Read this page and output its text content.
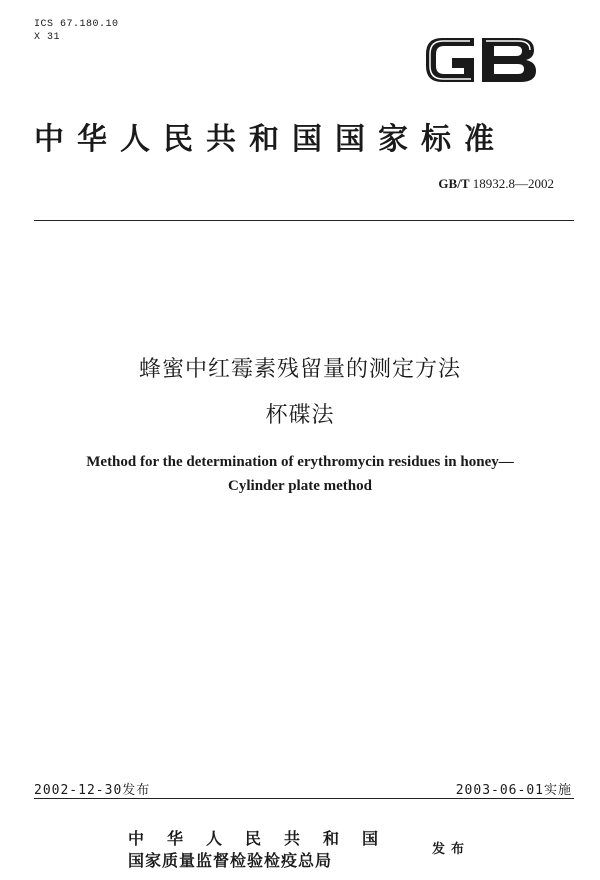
ICS 67.180.10
X 31
中华人民共和国国家标准
GB/T 18932.8—2002
蜂蜜中红霉素残留量的测定方法
杯碟法
Method for the determination of erythromycin residues in honey—
Cylinder plate method
2002-12-30发布	2003-06-01实施
中华人民共和国
国家质量监督检验检疫总局
发布
